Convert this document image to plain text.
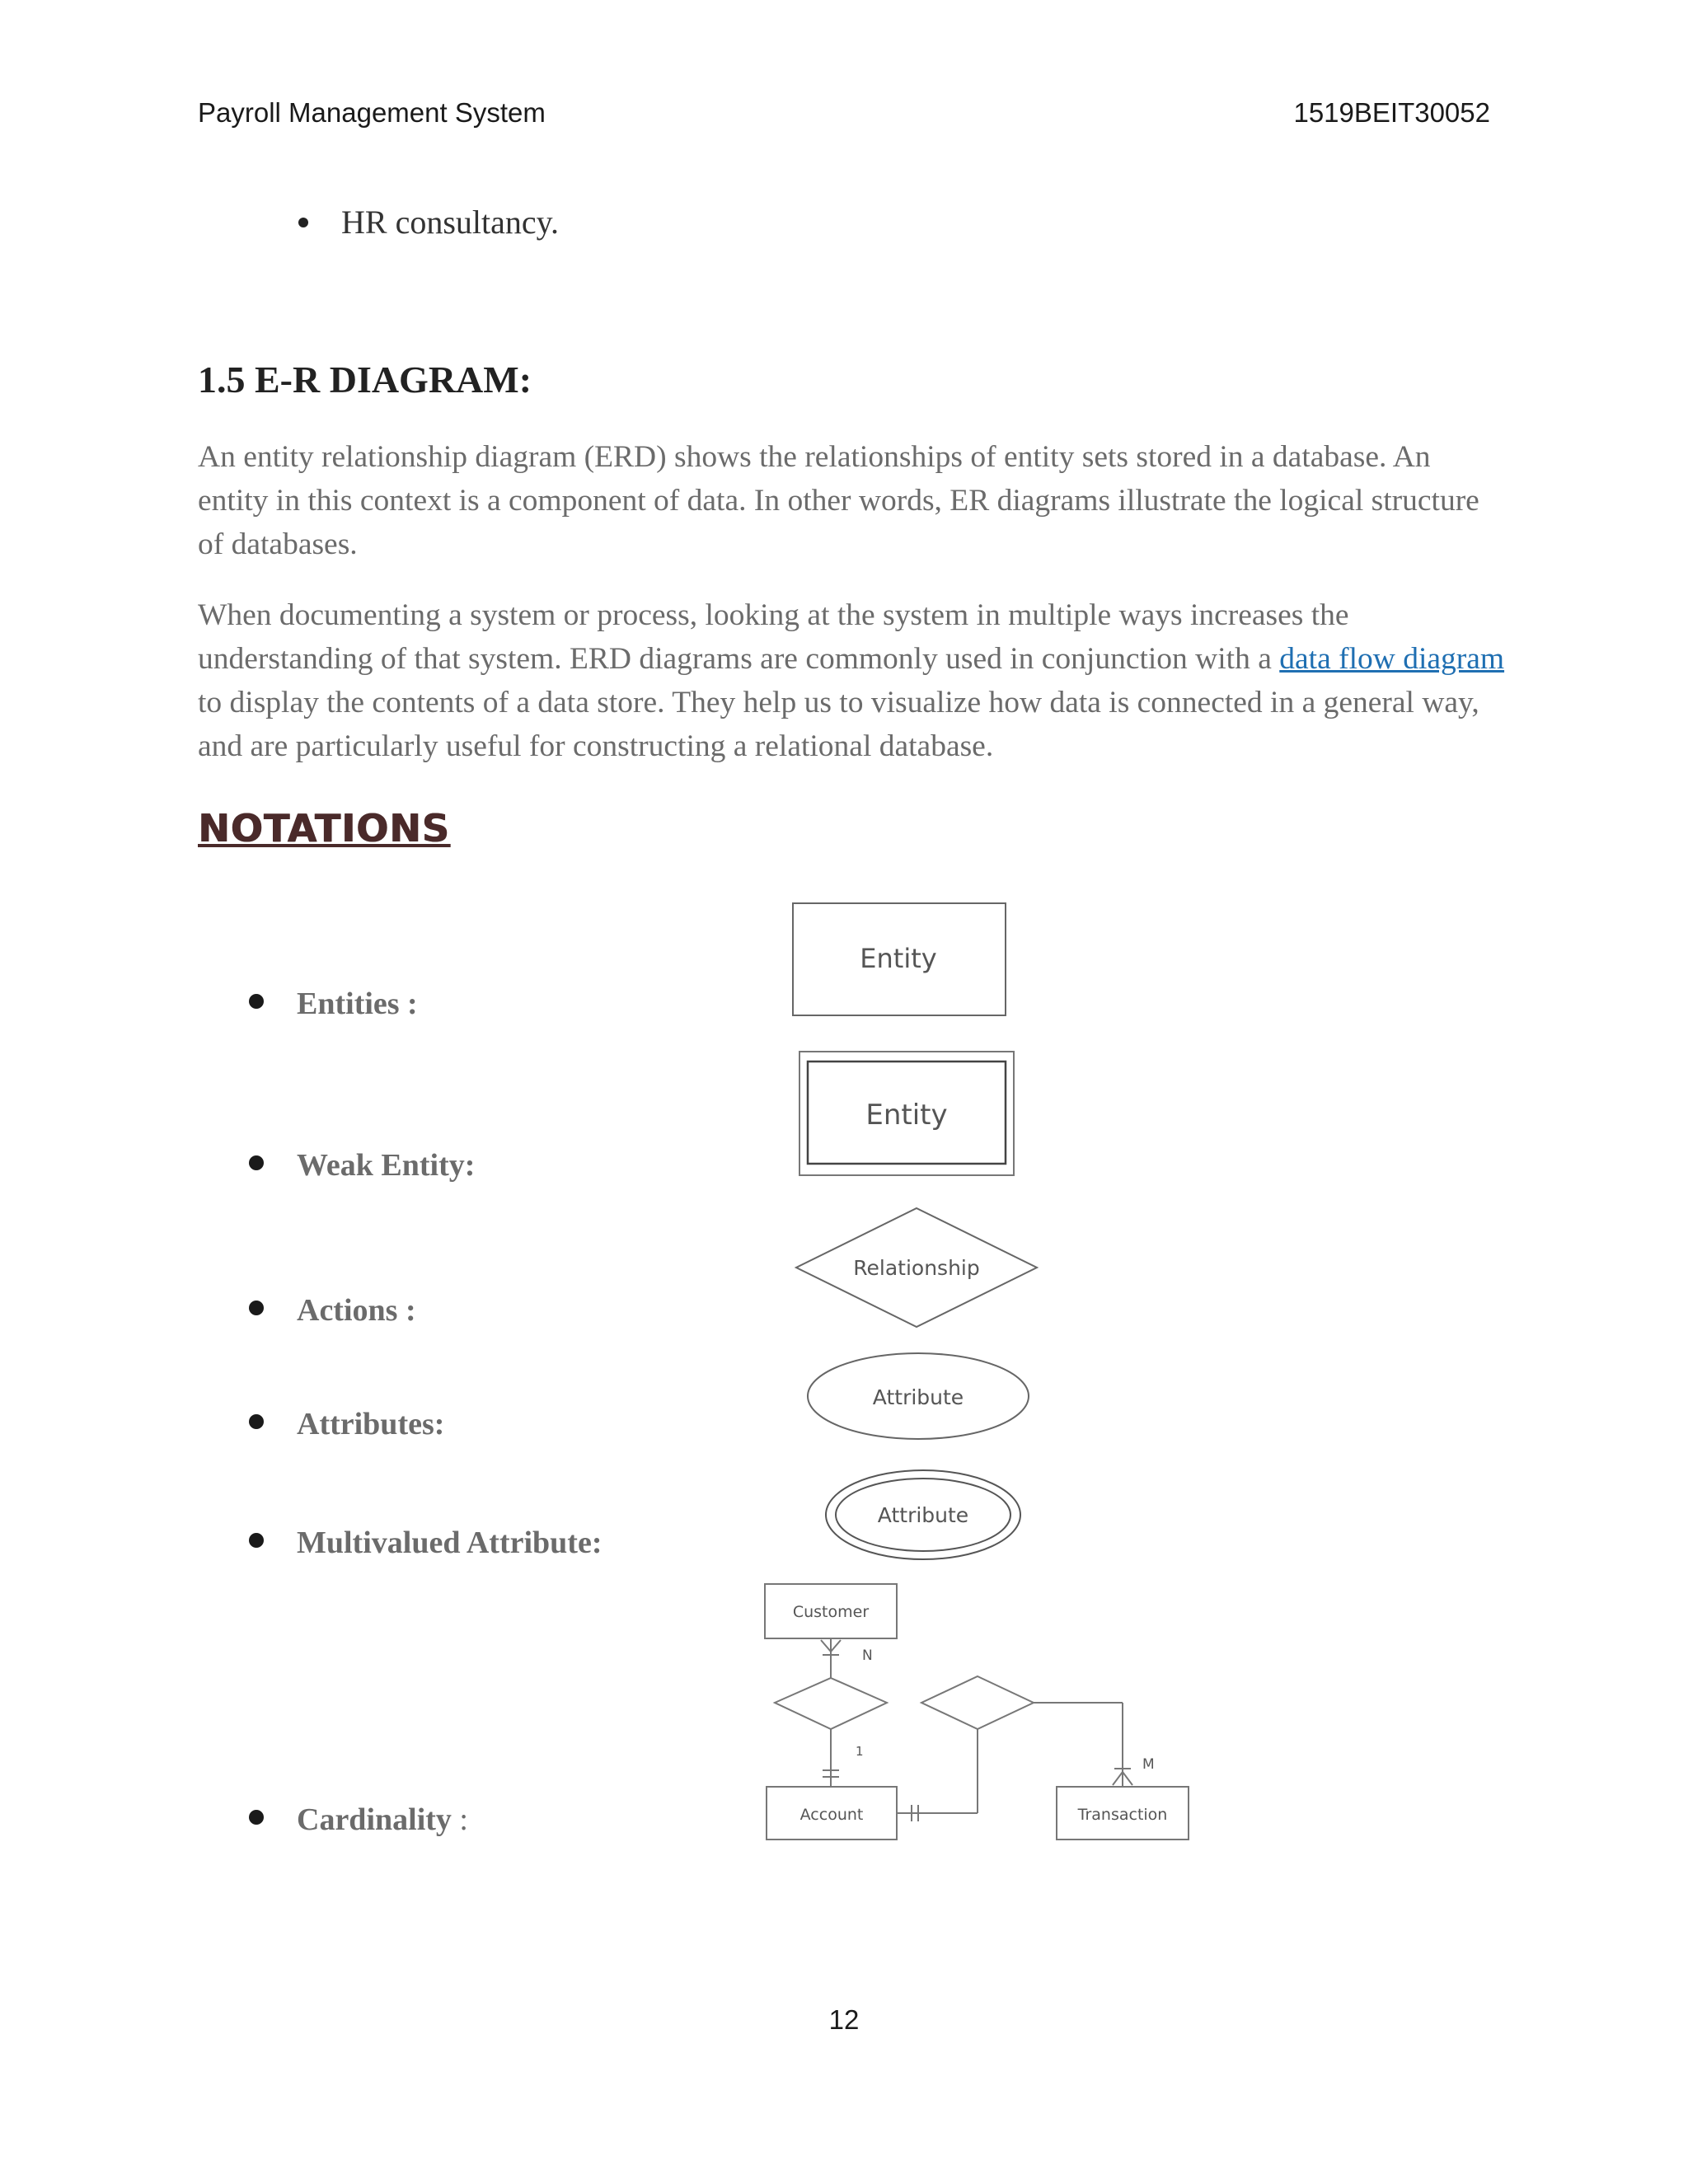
Payroll Management System	1519BEIT30052
HR consultancy.
1.5 E-R DIAGRAM:

An entity relationship diagram (ERD) shows the relationships of entity sets stored in a database. An entity in this context is a component of data. In other words, ER diagrams illustrate the logical structure of databases.

When documenting a system or process, looking at the system in multiple ways increases the understanding of that system. ERD diagrams are commonly used in conjunction with a data flow diagram to display the contents of a data store. They help us to visualize how data is connected in a general way, and are particularly useful for constructing a relational database.

NOTATIONS
Entities :
Weak Entity:
Actions :
Attributes:
Multivalued Attribute:
Cardinality :
Entity
Entity
Relationship
Attribute
Attribute
Customer
Account	Transaction
N
1
M
12
